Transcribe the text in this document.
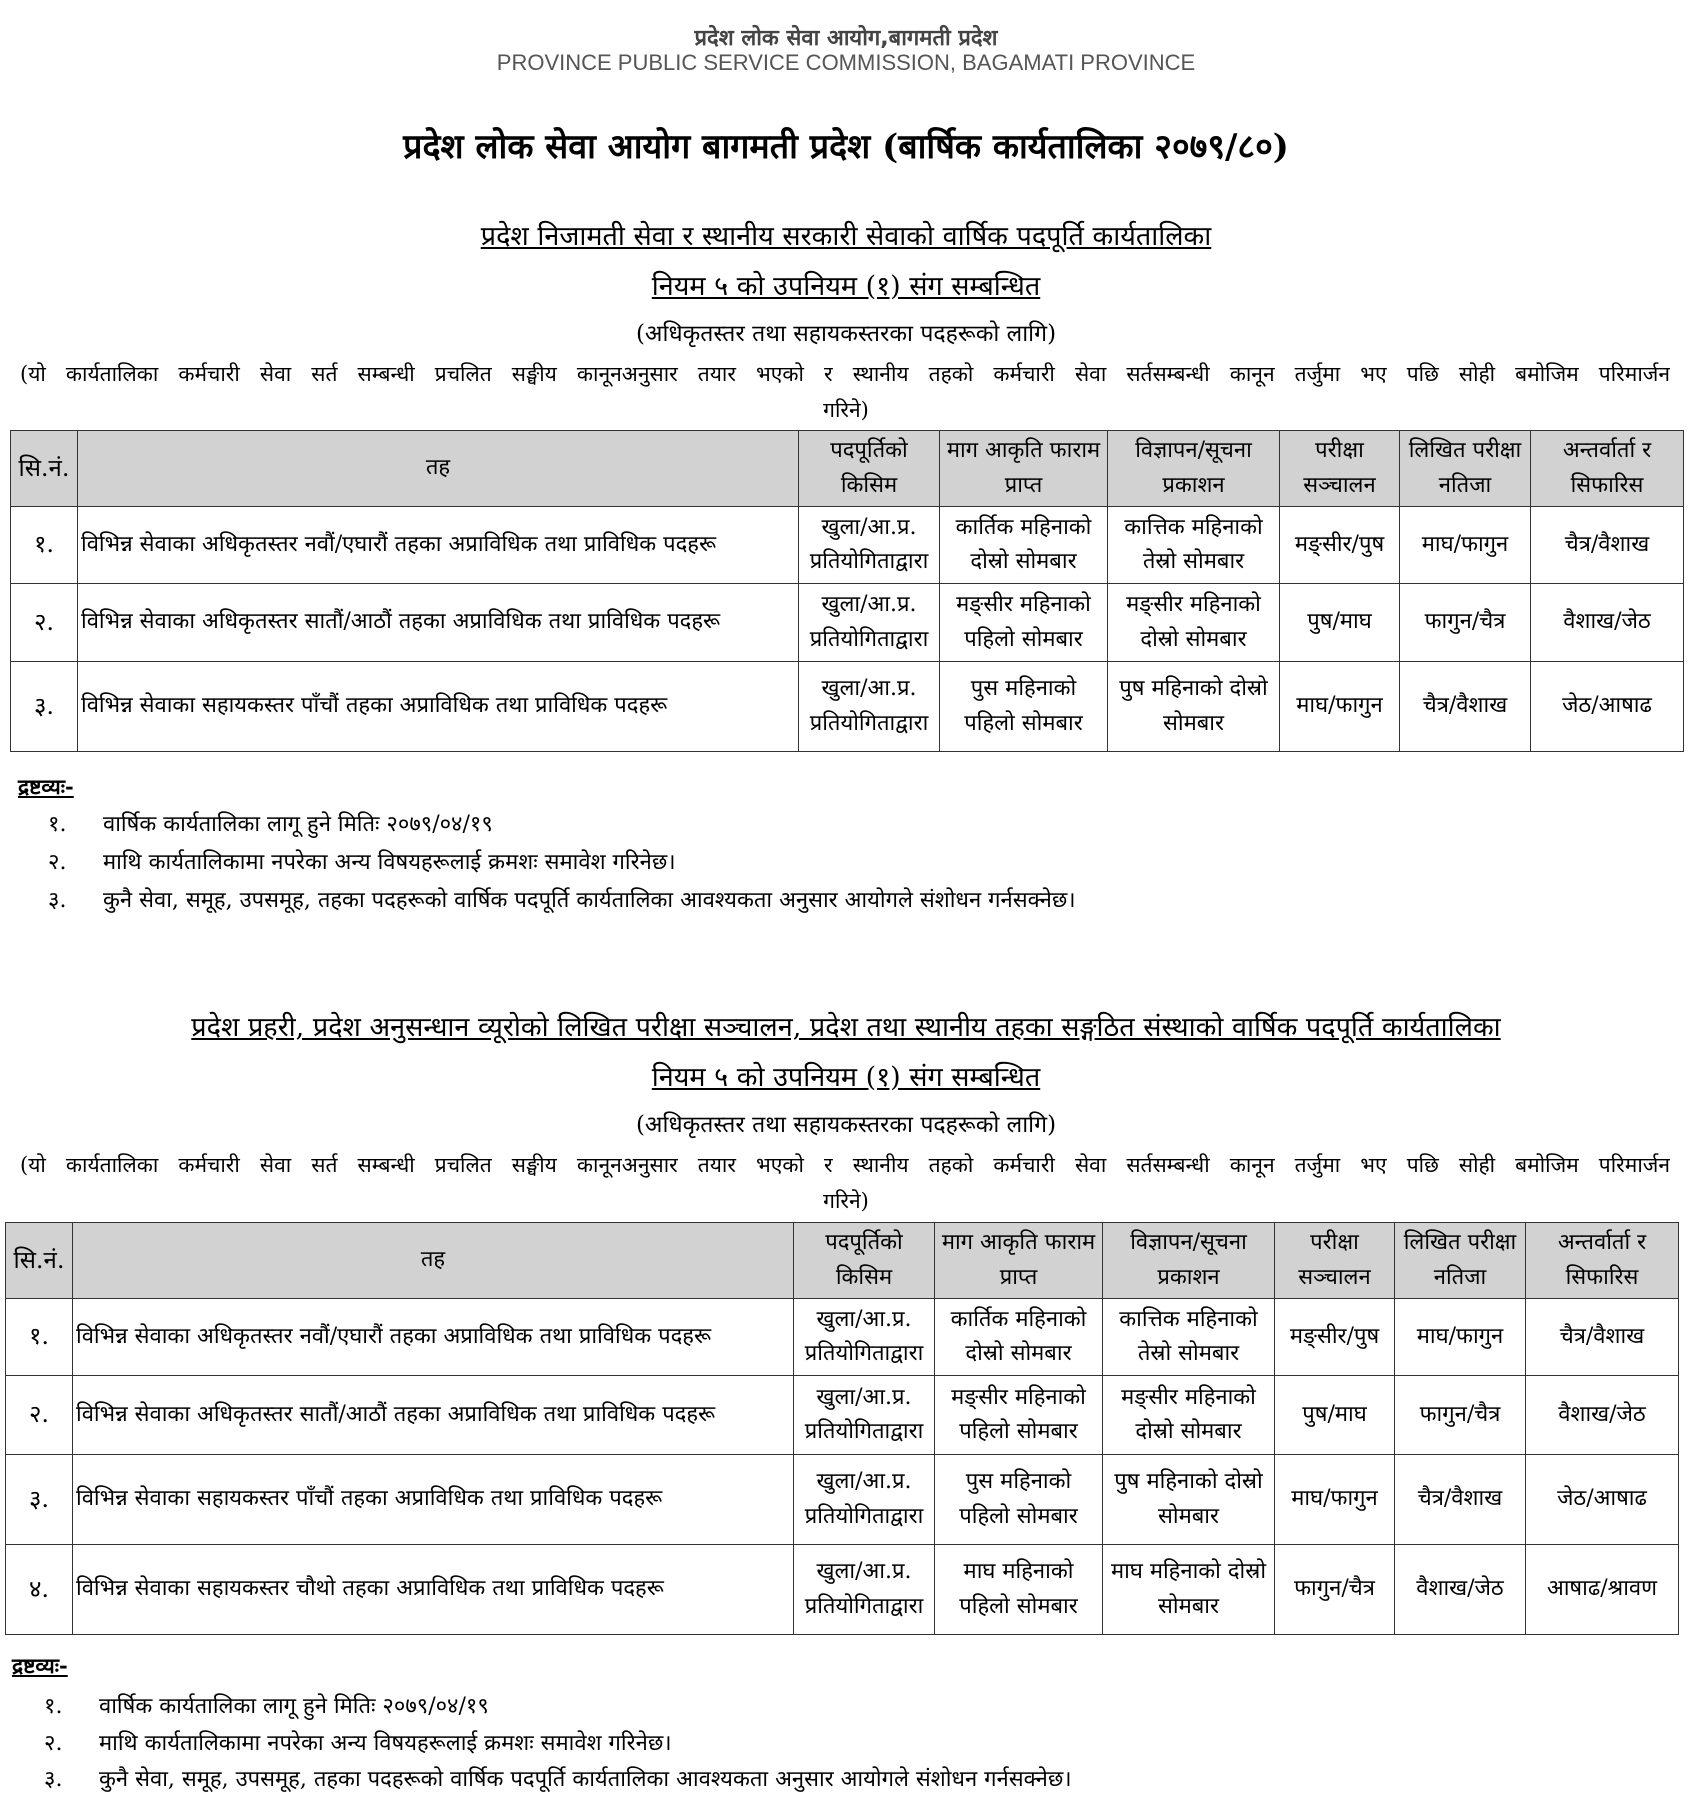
प्रदेश लोक सेवा आयोग,बागमती प्रदेश
PROVINCE PUBLIC SERVICE COMMISSION, BAGAMATI PROVINCE
प्रदेश लोक सेवा आयोग बागमती प्रदेश (बार्षिक कार्यतालिका २०७९/८०)
प्रदेश निजामती सेवा र स्थानीय सरकारी सेवाको वार्षिक पदपूर्ति कार्यतालिका
नियम ५ को उपनियम (१) संग सम्बन्धित
(अधिकृतस्तर तथा सहायकस्तरका पदहरूको लागि)
(यो कार्यतालिका कर्मचारी सेवा सर्त सम्बन्धी प्रचलित सङ्घीय कानूनअनुसार तयार भएको र स्थानीय तहको कर्मचारी सेवा सर्तसम्बन्धी कानून तर्जुमा भए पछि सोही बमोजिम परिमार्जन
गरिने)
सि.नं.	तह	पदपूर्तिको किसिम	माग आकृति फाराम प्राप्त	विज्ञापन/सूचना प्रकाशन	परीक्षा सञ्चालन	लिखित परीक्षा नतिजा	अन्तर्वार्ता र सिफारिस
१.	विभिन्न सेवाका अधिकृतस्तर नवौं/एघारौं तहका अप्राविधिक तथा प्राविधिक पदहरू	खुला/आ.प्र. प्रतियोगिताद्वारा	कार्तिक महिनाको दोस्रो सोमबार	कात्तिक महिनाको तेस्रो सोमबार	मङ्सीर/पुष	माघ/फागुन	चैत्र/वैशाख
२.	विभिन्न सेवाका अधिकृतस्तर सातौं/आठौं तहका अप्राविधिक तथा प्राविधिक पदहरू	खुला/आ.प्र. प्रतियोगिताद्वारा	मङ्सीर महिनाको पहिलो सोमबार	मङ्सीर महिनाको दोस्रो सोमबार	पुष/माघ	फागुन/चैत्र	वैशाख/जेठ
३.	विभिन्न सेवाका सहायकस्तर पाँचौं तहका अप्राविधिक तथा प्राविधिक पदहरू	खुला/आ.प्र. प्रतियोगिताद्वारा	पुस महिनाको पहिलो सोमबार	पुष महिनाको दोस्रो सोमबार	माघ/फागुन	चैत्र/वैशाख	जेठ/आषाढ
द्रष्टव्यः-
१. वार्षिक कार्यतालिका लागू हुने मितिः २०७९/०४/१९
२. माथि कार्यतालिकामा नपरेका अन्य विषयहरूलाई क्रमशः समावेश गरिनेछ।
३. कुनै सेवा, समूह, उपसमूह, तहका पदहरूको वार्षिक पदपूर्ति कार्यतालिका आवश्यकता अनुसार आयोगले संशोधन गर्नसक्नेछ।
प्रदेश प्रहरी, प्रदेश अनुसन्धान व्यूरोको लिखित परीक्षा सञ्चालन, प्रदेश तथा स्थानीय तहका सङ्गठित संस्थाको वार्षिक पदपूर्ति कार्यतालिका
नियम ५ को उपनियम (१) संग सम्बन्धित
(अधिकृतस्तर तथा सहायकस्तरका पदहरूको लागि)
(यो कार्यतालिका कर्मचारी सेवा सर्त सम्बन्धी प्रचलित सङ्घीय कानूनअनुसार तयार भएको र स्थानीय तहको कर्मचारी सेवा सर्तसम्बन्धी कानून तर्जुमा भए पछि सोही बमोजिम परिमार्जन
गरिने)
सि.नं.	तह	पदपूर्तिको किसिम	माग आकृति फाराम प्राप्त	विज्ञापन/सूचना प्रकाशन	परीक्षा सञ्चालन	लिखित परीक्षा नतिजा	अन्तर्वार्ता र सिफारिस
१.	विभिन्न सेवाका अधिकृतस्तर नवौं/एघारौं तहका अप्राविधिक तथा प्राविधिक पदहरू	खुला/आ.प्र. प्रतियोगिताद्वारा	कार्तिक महिनाको दोस्रो सोमबार	कात्तिक महिनाको तेस्रो सोमबार	मङ्सीर/पुष	माघ/फागुन	चैत्र/वैशाख
२.	विभिन्न सेवाका अधिकृतस्तर सातौं/आठौं तहका अप्राविधिक तथा प्राविधिक पदहरू	खुला/आ.प्र. प्रतियोगिताद्वारा	मङ्सीर महिनाको पहिलो सोमबार	मङ्सीर महिनाको दोस्रो सोमबार	पुष/माघ	फागुन/चैत्र	वैशाख/जेठ
३.	विभिन्न सेवाका सहायकस्तर पाँचौं तहका अप्राविधिक तथा प्राविधिक पदहरू	खुला/आ.प्र. प्रतियोगिताद्वारा	पुस महिनाको पहिलो सोमबार	पुष महिनाको दोस्रो सोमबार	माघ/फागुन	चैत्र/वैशाख	जेठ/आषाढ
४.	विभिन्न सेवाका सहायकस्तर चौथो तहका अप्राविधिक तथा प्राविधिक पदहरू	खुला/आ.प्र. प्रतियोगिताद्वारा	माघ महिनाको पहिलो सोमबार	माघ महिनाको दोस्रो सोमबार	फागुन/चैत्र	वैशाख/जेठ	आषाढ/श्रावण
द्रष्टव्यः-
१. वार्षिक कार्यतालिका लागू हुने मितिः २०७९/०४/१९
२. माथि कार्यतालिकामा नपरेका अन्य विषयहरूलाई क्रमशः समावेश गरिनेछ।
३. कुनै सेवा, समूह, उपसमूह, तहका पदहरूको वार्षिक पदपूर्ति कार्यतालिका आवश्यकता अनुसार आयोगले संशोधन गर्नसक्नेछ।
